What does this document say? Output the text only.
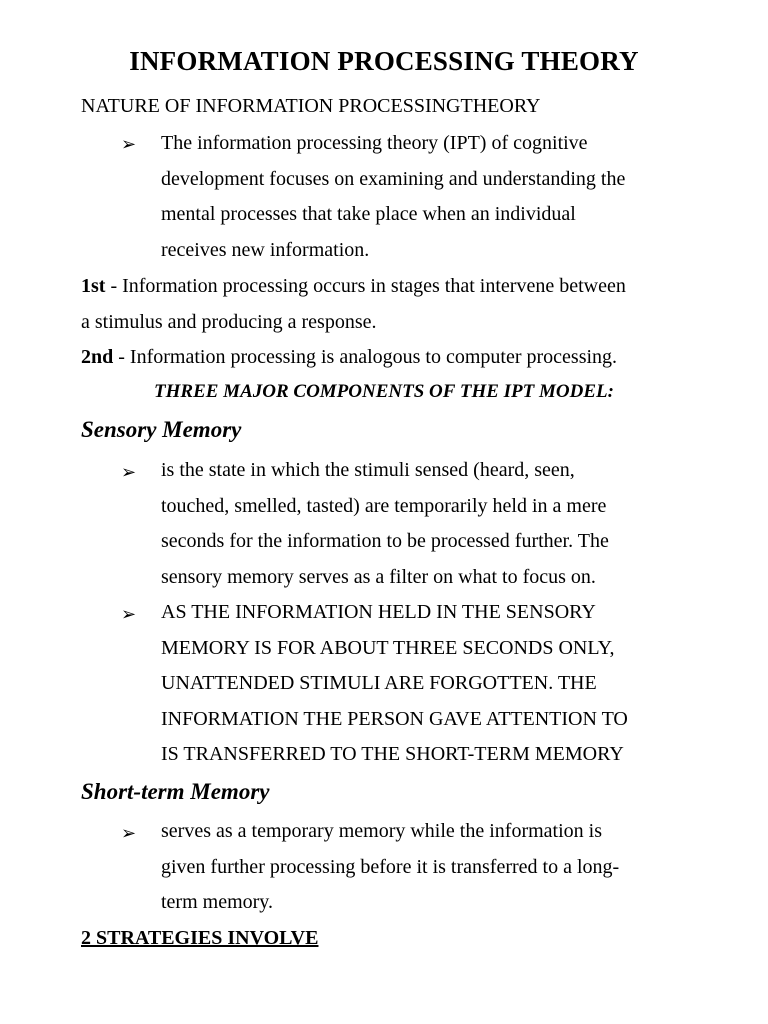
INFORMATION PROCESSING THEORY
NATURE OF INFORMATION PROCESSINGTHEORY
➢ The information processing theory (IPT) of cognitive
development focuses on examining and understanding the
mental processes that take place when an individual
receives new information.
1st - Information processing occurs in stages that intervene between
a stimulus and producing a response.
2nd - Information processing is analogous to computer processing.
THREE MAJOR COMPONENTS OF THE IPT MODEL:
Sensory Memory
➢ is the state in which the stimuli sensed (heard, seen,
touched, smelled, tasted) are temporarily held in a mere
seconds for the information to be processed further. The
sensory memory serves as a filter on what to focus on.
➢ AS THE INFORMATION HELD IN THE SENSORY
MEMORY IS FOR ABOUT THREE SECONDS ONLY,
UNATTENDED STIMULI ARE FORGOTTEN. THE
INFORMATION THE PERSON GAVE ATTENTION TO
IS TRANSFERRED TO THE SHORT-TERM MEMORY
Short-term Memory
➢ serves as a temporary memory while the information is
given further processing before it is transferred to a long-
term memory.
2 STRATEGIES INVOLVE
